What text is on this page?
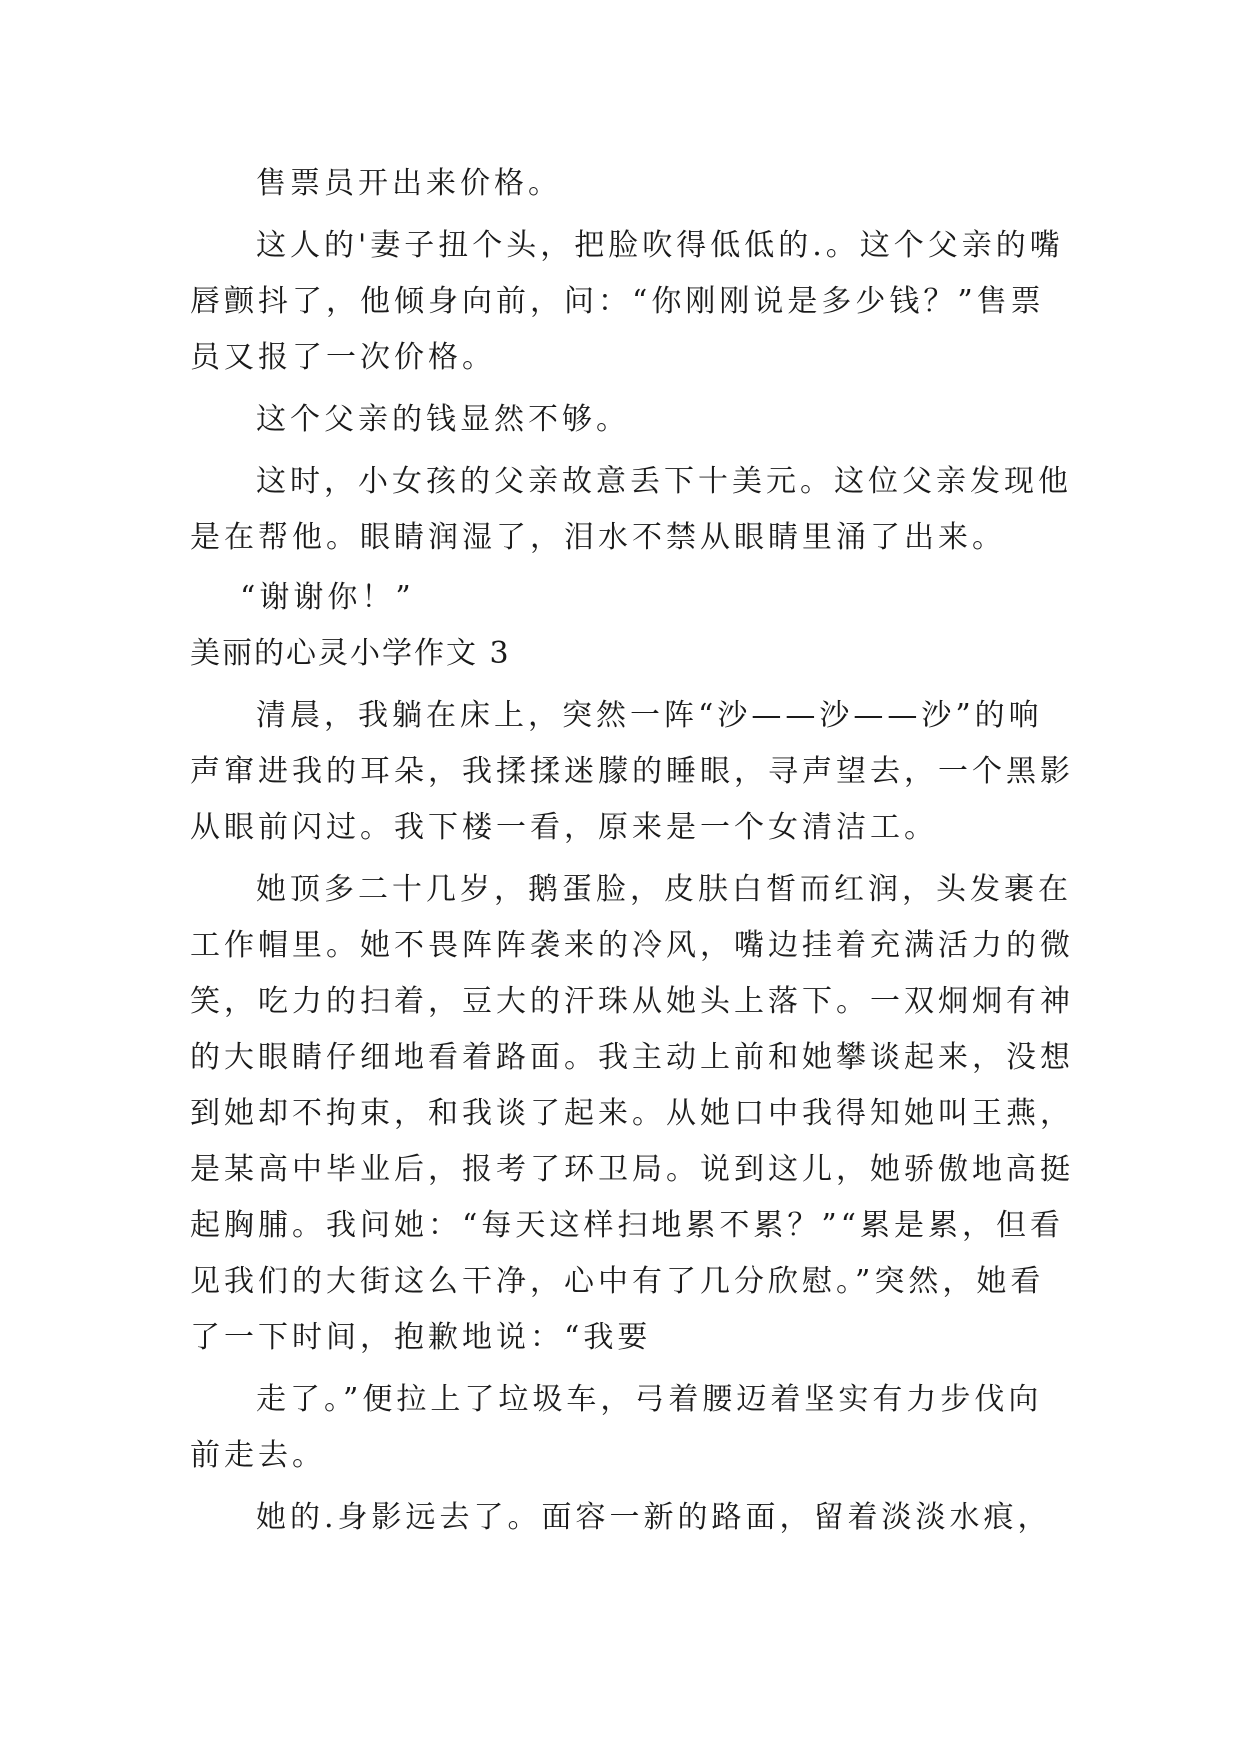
售票员开出来价格。
这人的'妻子扭个头，把脸吹得低低的.。这个父亲的嘴
唇颤抖了，他倾身向前，问：“你刚刚说是多少钱？”售票
员又报了一次价格。
这个父亲的钱显然不够。
这时，小女孩的父亲故意丢下十美元。这位父亲发现他
是在帮他。眼睛润湿了，泪水不禁从眼睛里涌了出来。
“谢谢你！”
美丽的心灵小学作文 3
清晨，我躺在床上，突然一阵“沙——沙——沙”的响
声窜进我的耳朵，我揉揉迷朦的睡眼，寻声望去，一个黑影
从眼前闪过。我下楼一看，原来是一个女清洁工。
她顶多二十几岁，鹅蛋脸，皮肤白皙而红润，头发裹在
工作帽里。她不畏阵阵袭来的冷风，嘴边挂着充满活力的微
笑，吃力的扫着，豆大的汗珠从她头上落下。一双炯炯有神
的大眼睛仔细地看着路面。我主动上前和她攀谈起来，没想
到她却不拘束，和我谈了起来。从她口中我得知她叫王燕，
是某高中毕业后，报考了环卫局。说到这儿，她骄傲地高挺
起胸脯。我问她：“每天这样扫地累不累？”“累是累，但看
见我们的大街这么干净，心中有了几分欣慰。”突然，她看
了一下时间，抱歉地说：“我要
走了。”便拉上了垃圾车，弓着腰迈着坚实有力步伐向
前走去。
她的.身影远去了。面容一新的路面，留着淡淡水痕，
